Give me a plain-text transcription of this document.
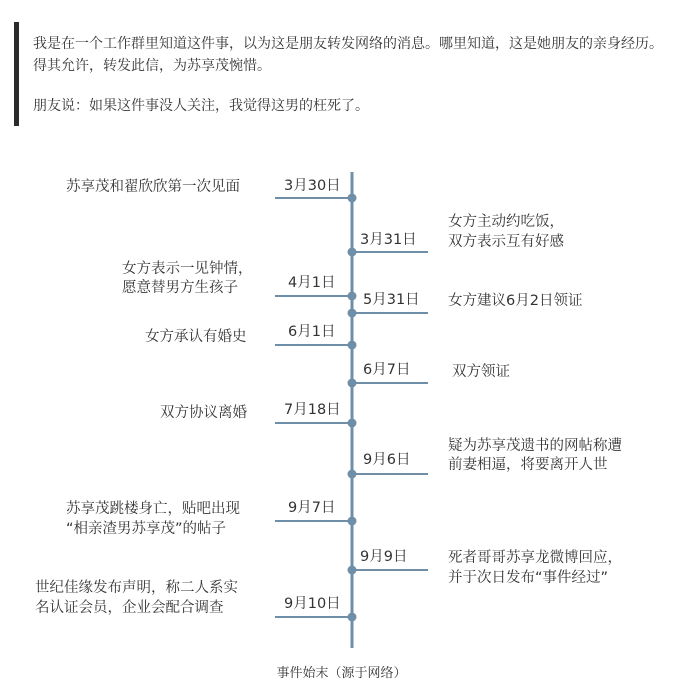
我是在一个工作群里知道这件事，以为这是朋友转发网络的消息。哪里知道，这是她朋友的亲身经历。得其允许，转发此信，为苏享茂惋惜。

朋友说：如果这件事没人关注，我觉得这男的枉死了。

3月30日
苏享茂和翟欣欣第一次见面
4月1日
女方表示一见钟情，
愿意替男方生孩子
6月1日
女方承认有婚史
7月18日
双方协议离婚
9月7日
苏享茂跳楼身亡，贴吧出现
“相亲渣男苏享茂”的帖子
9月10日
世纪佳缘发布声明，称二人系实
名认证会员，企业会配合调查
3月31日
女方主动约吃饭，
双方表示互有好感
5月31日 女方建议6月2日领证
6月7日	双方领证
9月6日
疑为苏享茂遗书的网帖称遭
前妻相逼，将要离开人世
9月9日	死者哥哥苏享龙微博回应，
并于次日发布“事件经过”
事件始末（源于网络）
